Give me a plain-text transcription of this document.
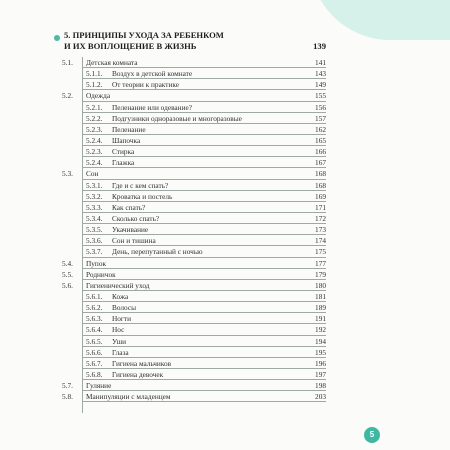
5. ПРИНЦИПЫ УХОДА ЗА РЕБЕНКОМ
И ИХ ВОПЛОЩЕНИЕ В ЖИЗНЬ	139
5.1. Детская комната	141
5.1.1. Воздух в детской комнате	143
5.1.2. От теории к практике	149
5.2. Одежда	155
5.2.1. Пеленание или одевание?	156
5.2.2. Подгузники одноразовые и многоразовые	157
5.2.3. Пеленание	162
5.2.4. Шапочка	165
5.2.3. Стирка	166
5.2.4. Глажка	167
5.3. Сон	168
5.3.1. Где и с кем спать?	168
5.3.2. Кроватка и постель	169
5.3.3. Как спать?	171
5.3.4. Сколько спать?	172
5.3.5. Укачивание	173
5.3.6. Сон и тишина	174
5.3.7. День, перепутанный с ночью	175
5.4. Пупок	177
5.5. Родничок	179
5.6. Гигиенический уход	180
5.6.1. Кожа	181
5.6.2. Волосы	189
5.6.3. Ногти	191
5.6.4. Нос	192
5.6.5. Уши	194
5.6.6. Глаза	195
5.6.7. Гигиена мальчиков	196
5.6.8. Гигиена девочек	197
5.7. Гуляние	198
5.8. Манипуляции с младенцем	203
5
